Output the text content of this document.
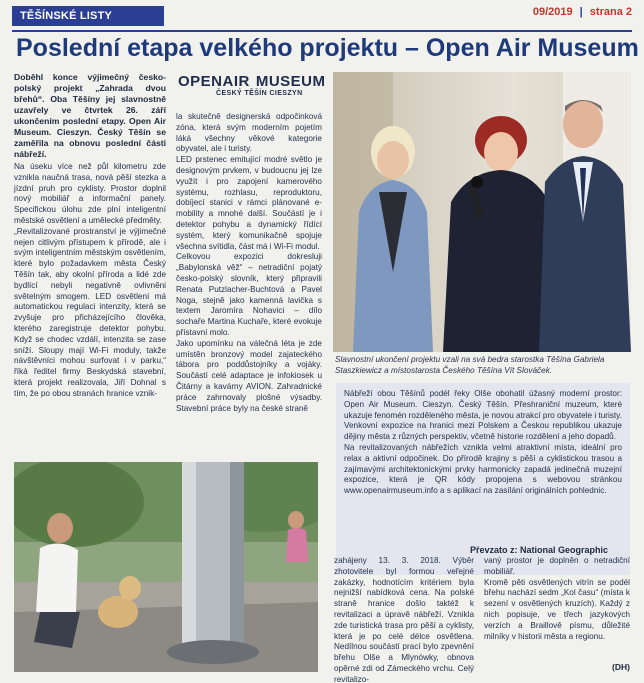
TĚŠÍNSKÉ LISTY	09/2019 | strana 2
Poslední etapa velkého projektu – Open Air Museum

Doběhl konce výjimečný česko-polský projekt „Zahrada dvou břehů“. Oba Těšíny jej slavnostně uzavřely ve čtvrtek 26. září ukončením poslední etapy. Open Air Museum. Cieszyn. Český Těšín se zaměřila na obnovu poslední části nábřeží.

Na úseku více než půl kilometru zde vznikla naučná trasa, nová pěší stezka a jízdní pruh pro cyklisty. Prostor doplnil nový mobiliář a informační panely. Specifickou úlohu zde plní inteligentní městské osvětlení a umělecké předměty.

„Revitalizované prostranství je výjimečné nejen citlivým přístupem k přírodě, ale i svým inteligentním městským osvětlením, které bylo požadavkem města Český Těšín tak, aby okolní příroda a lidé zde bydlící nebyli negativně ovlivněni světelným smogem. LED osvětlení má automatickou regulaci intenzity, která se zvyšuje pro přicházejícího člověka, kterého zaregistruje detektor pohybu. Když se chodec vzdálí, intenzita se zase sníží. Sloupy mají Wi-Fi moduly, takže návštěvníci mohou surfovat i v parku,“ říká ředitel firmy Beskydská stavební, která projekt realizovala, Jiří Dohnal s tím, že po obou stranách hranice vznik-

OPENAIR MUSEUM
ČESKÝ TĚŠÍN CIESZYN

la skutečně designerská odpočinková zóna, která svým moderním pojetím láká všechny věkové kategorie obyvatel, ale i turisty.

LED prstenec emitující modré světlo je designovým prvkem, v budoucnu jej lze využít i pro zapojení kamerového systému, rozhlasu, reproduktoru, dobíjecí stanici v rámci plánované e-mobility a mnohé další. Součástí je i detektor pohybu a dynamický řídící systém, který komunikačně spojuje všechna svítidla, část má i Wi-Fi modul.

Celkovou expozici dokresluji „Babylonská věž“ – netradiční pojatý česko-polský slovník, který připravili Renata Putzlacher-Buchtová a Pavel Noga, stejně jako kamenná lavička s textem Jaromíra Nohavici – dílo sochaře Martina Kuchaře, které evokuje přístavní molo.

Jako upomínku na válečná léta je zde umístěn bronzový model zajateckého tábora pro poddůstojníky a vojáky. Součástí celé adaptace je infokiosek u Čitárny a kavárny AVION. Zahradnické práce zahrnovaly plošné výsadby. Stavební práce byly na české straně

Slavnostní ukončení projektu vzali na svá bedra starostka Těšína Gabriela Staszkiewicz a místostarosta Českého Těšína Vít Slováček.

Nábřeží obou Těšínů podél řeky Olše obohatil úžasný moderní prostor: Open Air Museum. Cieszyn. Český Těšín. Přeshraniční muzeum, které ukazuje fenomén rozděleného města, je novou atrakcí pro obyvatele i turisty.

Venkovní expozice na hranici mezi Polskem a Českou republikou ukazuje dějiny města z různých perspektiv, včetně historie rozdělení a jeho dopadů.

Na revitalizovaných nábřežích vznikla velmi atraktivní místa, ideální pro relax a aktivní odpočinek. Do přírodě krajiny s pěší a cyklistickou trasou a zajímavými architektonickými prvky harmonicky zapadá jedinečná muzejní expozice, která je QR kódy propojena s webovou stránkou www.openairmuseum.info a s aplikací na zasílání originálních pohlednic.

Převzato z: National Geographic

zahájeny 13. 3. 2018. Výběr zhotovitele byl formou veřejné zakázky, hodnotícím kritériem byla nejnižší nabídková cena. Na polské straně hranice došlo taktéž k revitalizaci a úpravě nábřeží. Vznikla zde turistická trasa pro pěší a cyklisty, která je po celé délce osvětlena. Nedílnou součástí prací bylo zpevnění břehu Olše a Mlynówky, obnova opěrné zdi od Zámeckého vrchu. Celý revitalizo-

vaný prostor je doplněn o netradiční mobiliář.

Kromě pěti osvětlených vitrín se podél břehu nachází sedm „Kol času“ (místa k sezení v osvětlených kruzích). Každý z nich popisuje, ve třech jazykových verzích a Braillově písmu, důležité milníky v historii města a regionu.

(DH)
